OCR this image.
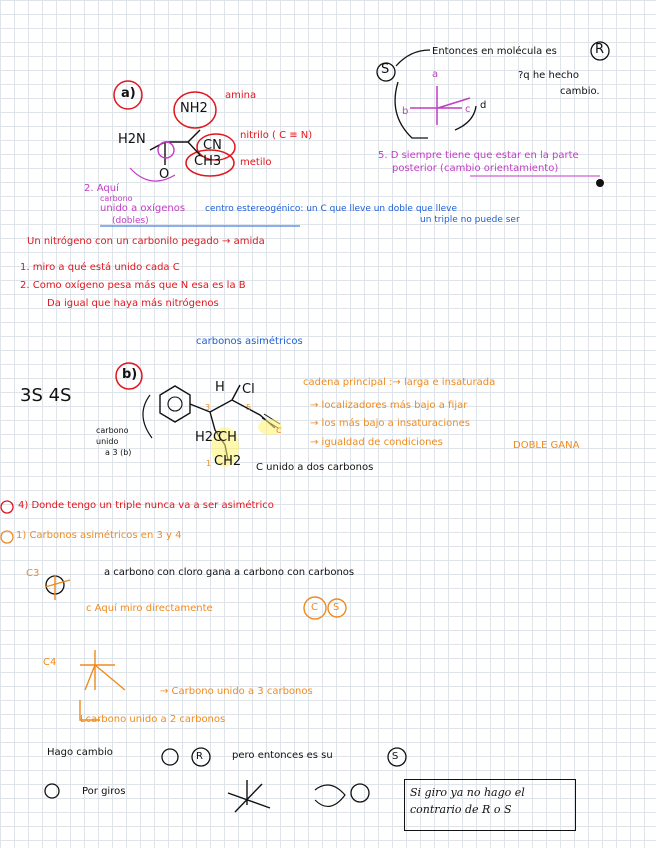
S
Entonces en molécula es	R
?q he hecho
cambio.
a
b	c d
5. D siempre tiene que estar en la parte
posterior (cambio orientamiento)
a)	amina
nitrilo ( C ≡ N)
metilo
NH2
H2N	CN
CH3
O
2. Aquí
carbono
unido a oxígenos
(dobles)
centro estereogénico: un C que lleve un doble que lleve
un triple no puede ser
Un nitrógeno con un carbonilo pegado → amida
1. miro a qué está unido cada C
2. Como oxígeno pesa más que N esa es la B
Da igual que haya más nitrógenos
carbonos asimétricos
b)
3S 4S	H Cl
H2C
CH
CH2
c
3	5
1
carbono
unido
a 3 (b)
C unido a dos carbonos
cadena principal :→ larga e insaturada
→ localizadores más bajo a fijar
→ los más bajo a insaturaciones
→ igualdad de condiciones	DOBLE GANA
4) Donde tengo un triple nunca va a ser asimétrico
1) Carbonos asimétricos en 3 y 4
C3	a carbono con cloro gana a carbono con carbonos
c Aquí miro directamente	C S
C4
→ Carbono unido a 3 carbonos
Lcarbono unido a 2 carbonos
Hago cambio	R	pero entonces es su	S
Por giros	Si giro ya no hago el contrario de R o S
